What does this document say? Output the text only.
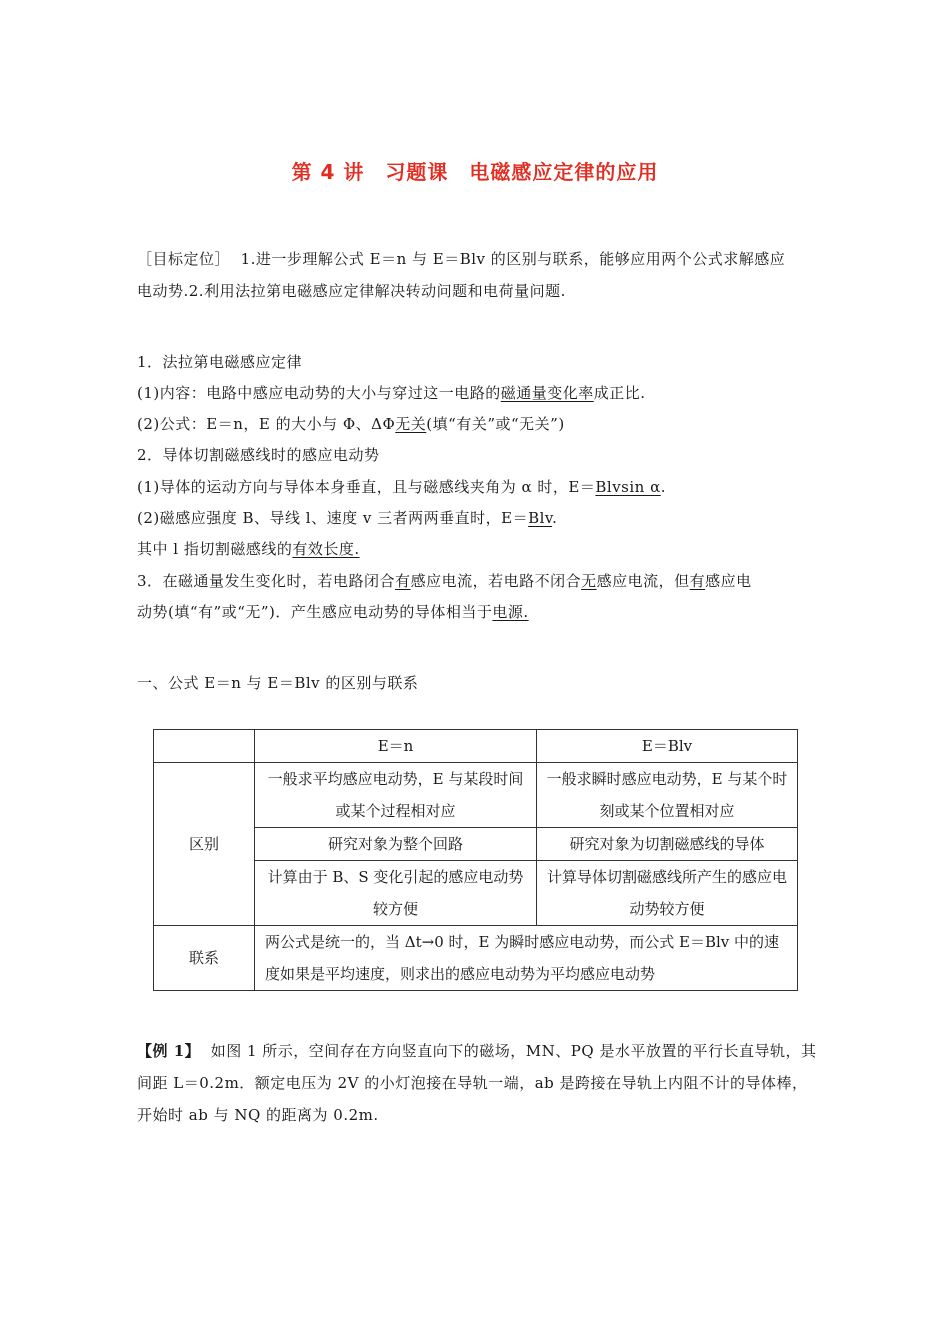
第 4 讲　习题课　电磁感应定律的应用
［目标定位］ 1.进一步理解公式 E＝n 与 E＝Blv 的区别与联系，能够应用两个公式求解感应
电动势.2.利用法拉第电磁感应定律解决转动问题和电荷量问题.
1．法拉第电磁感应定律
(1)内容：电路中感应电动势的大小与穿过这一电路的磁通量变化率成正比.
(2)公式：E＝n，E 的大小与 Φ、ΔΦ无关(填“有关”或“无关”)
2．导体切割磁感线时的感应电动势
(1)导体的运动方向与导体本身垂直，且与磁感线夹角为 α 时，E＝Blvsin α.
(2)磁感应强度 B、导线 l、速度 v 三者两两垂直时，E＝Blv.
其中 l 指切割磁感线的有效长度.
3．在磁通量发生变化时，若电路闭合有感应电流，若电路不闭合无感应电流，但有感应电
动势(填“有”或“无”)．产生感应电动势的导体相当于电源.
一、公式 E＝n 与 E＝Blv 的区别与联系
	E＝n	E＝Blv
区别	一般求平均感应电动势，E 与某段时间或某个过程相对应	一般求瞬时感应电动势，E 与某个时刻或某个位置相对应
	研究对象为整个回路	研究对象为切割磁感线的导体
	计算由于 B、S 变化引起的感应电动势较方便	计算导体切割磁感线所产生的感应电动势较方便
联系	两公式是统一的，当 Δt→0 时，E 为瞬时感应电动势，而公式 E＝Blv 中的速度如果是平均速度，则求出的感应电动势为平均感应电动势	
【例 1】 如图 1 所示，空间存在方向竖直向下的磁场，MN、PQ 是水平放置的平行长直导轨，其
间距 L＝0.2m．额定电压为 2V 的小灯泡接在导轨一端，ab 是跨接在导轨上内阻不计的导体棒，
开始时 ab 与 NQ 的距离为 0.2m.
